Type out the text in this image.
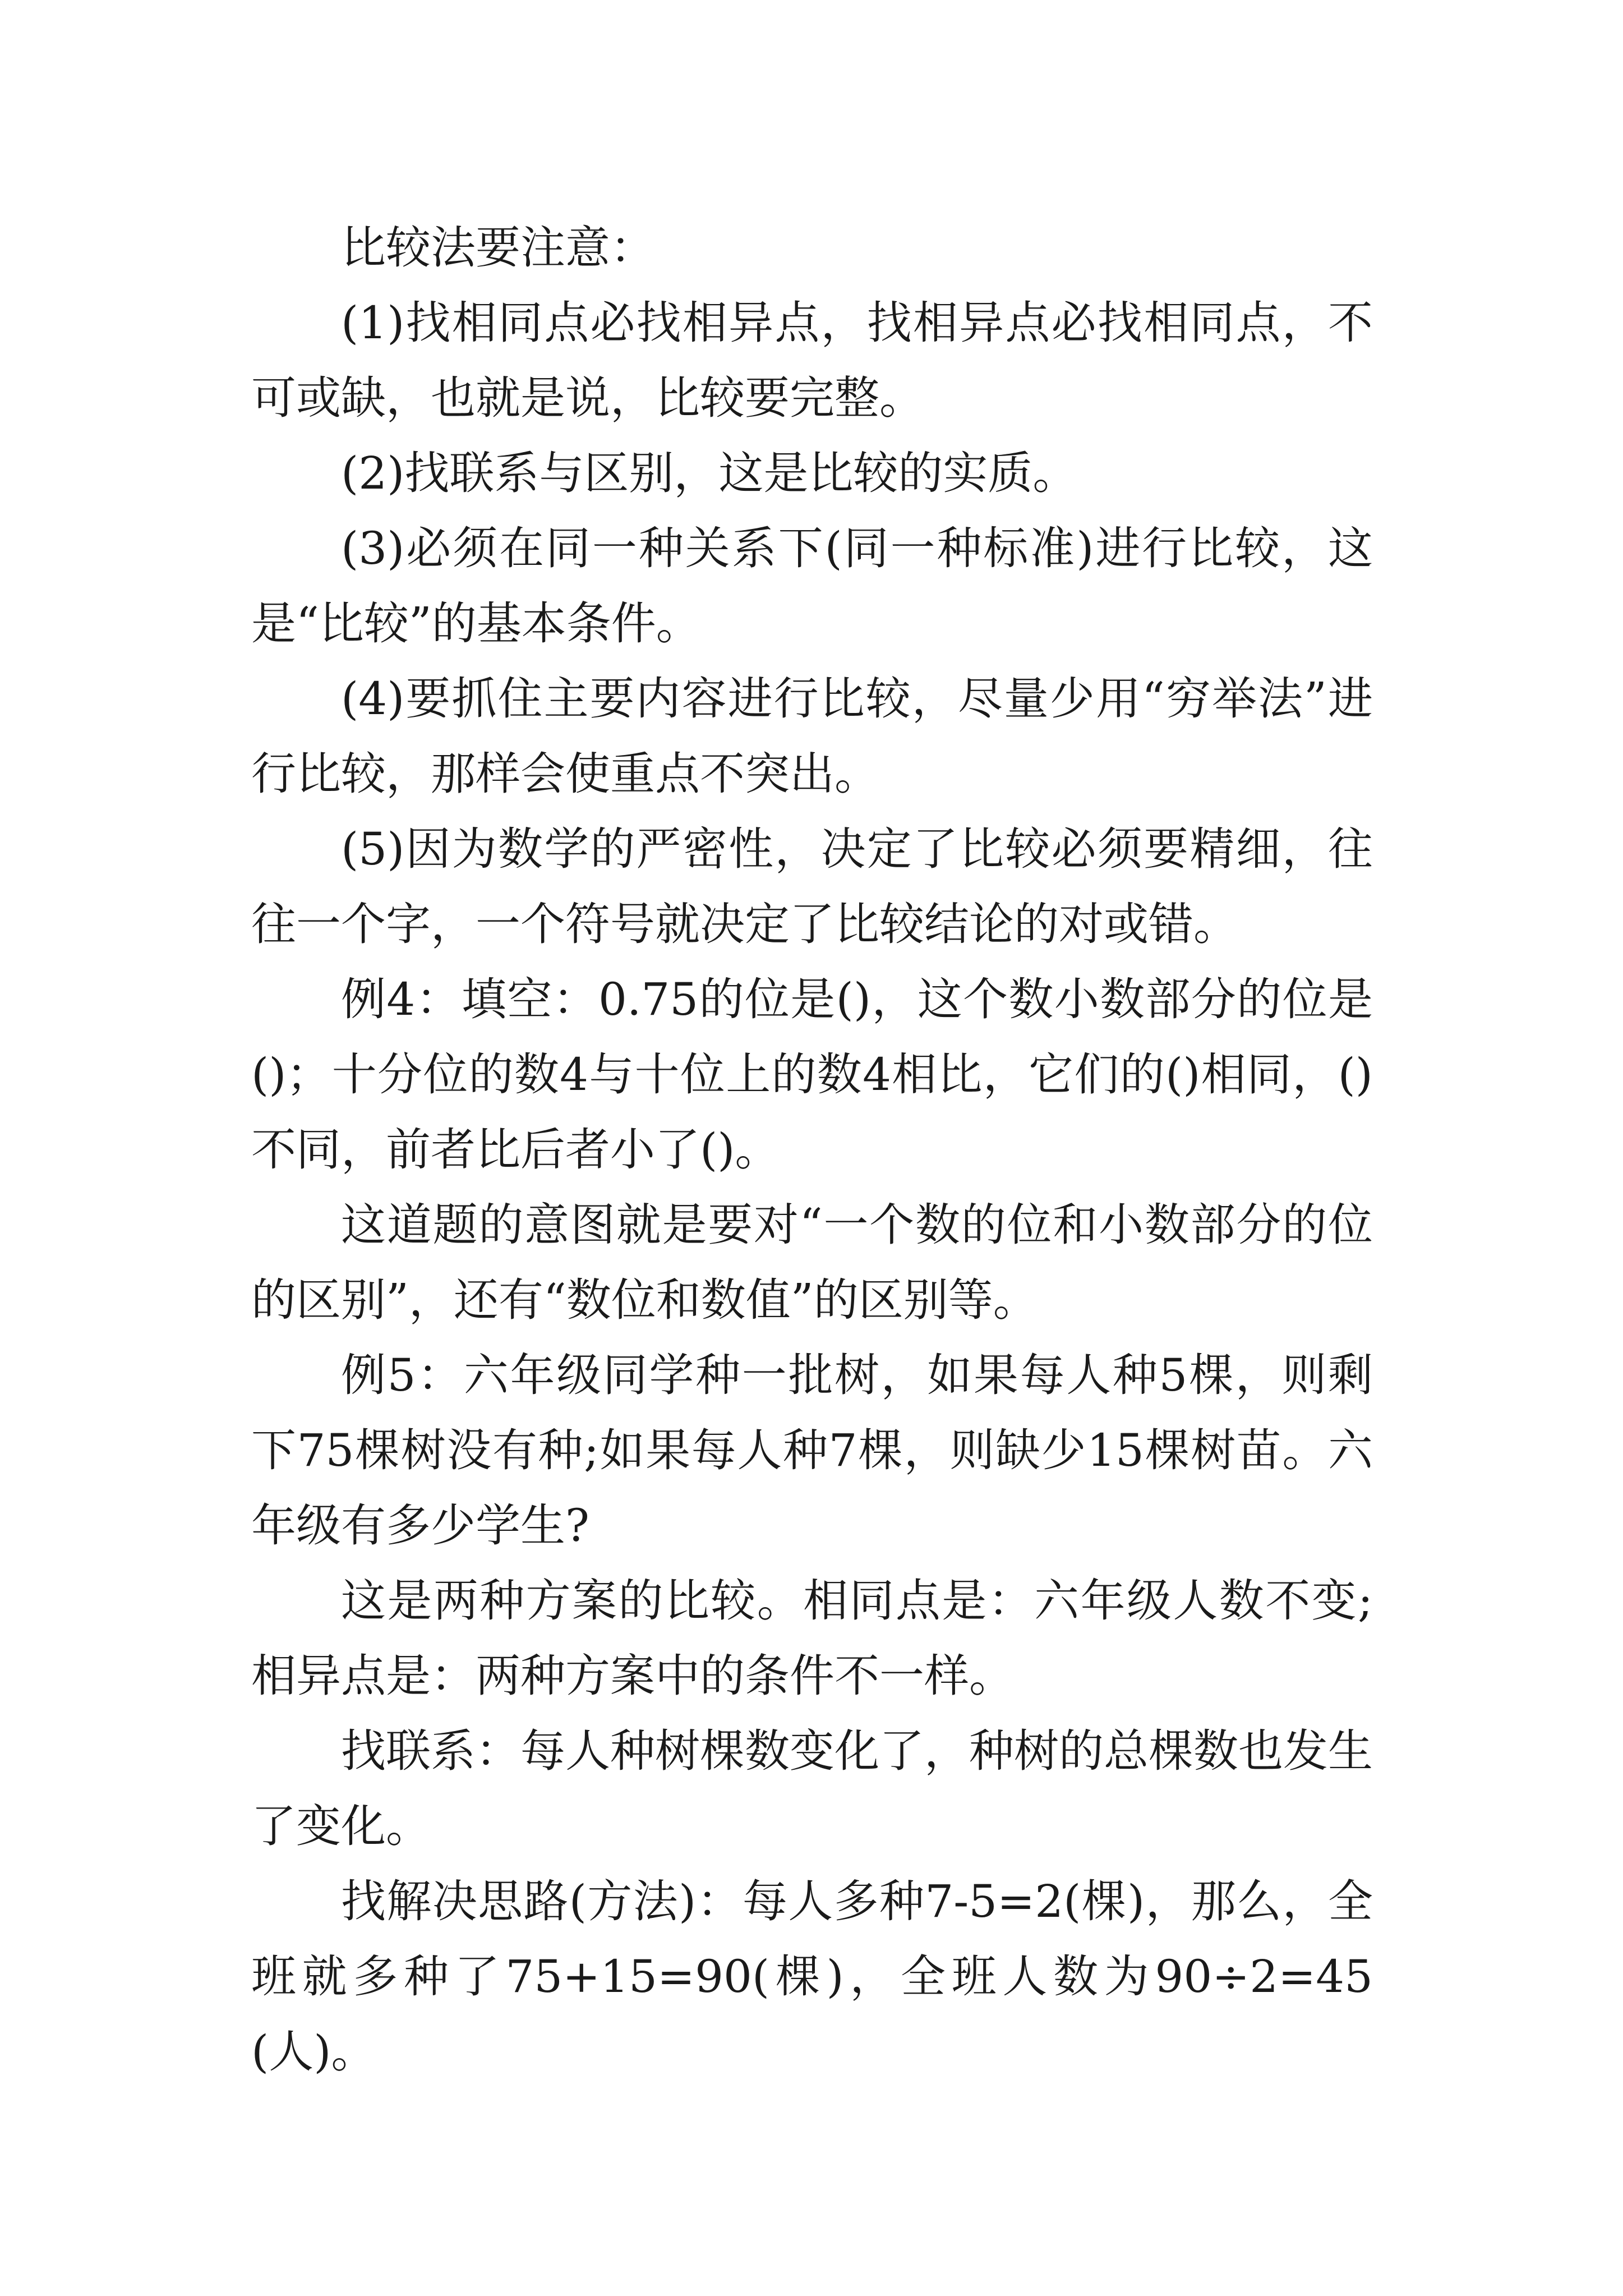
比较法要注意：

(1)找相同点必找相异点，找相异点必找相同点，不可或缺，也就是说，比较要完整。

(2)找联系与区别，这是比较的实质。

(3)必须在同一种关系下(同一种标准)进行比较，这是“比较”的基本条件。

(4)要抓住主要内容进行比较，尽量少用“穷举法”进行比较，那样会使重点不突出。

(5)因为数学的严密性，决定了比较必须要精细，往往一个字，一个符号就决定了比较结论的对或错。

例4：填空：0.75的位是()，这个数小数部分的位是()；十分位的数4与十位上的数4相比，它们的()相同，()不同，前者比后者小了()。

这道题的意图就是要对“一个数的位和小数部分的位的区别”，还有“数位和数值”的区别等。

例5：六年级同学种一批树，如果每人种5棵，则剩下75棵树没有种;如果每人种7棵，则缺少15棵树苗。六年级有多少学生?

这是两种方案的比较。相同点是：六年级人数不变;相异点是：两种方案中的条件不一样。

找联系：每人种树棵数变化了，种树的总棵数也发生了变化。

找解决思路(方法)：每人多种7-5=2(棵)，那么，全班就多种了75+15=90(棵)，全班人数为90÷2=45(人)。
